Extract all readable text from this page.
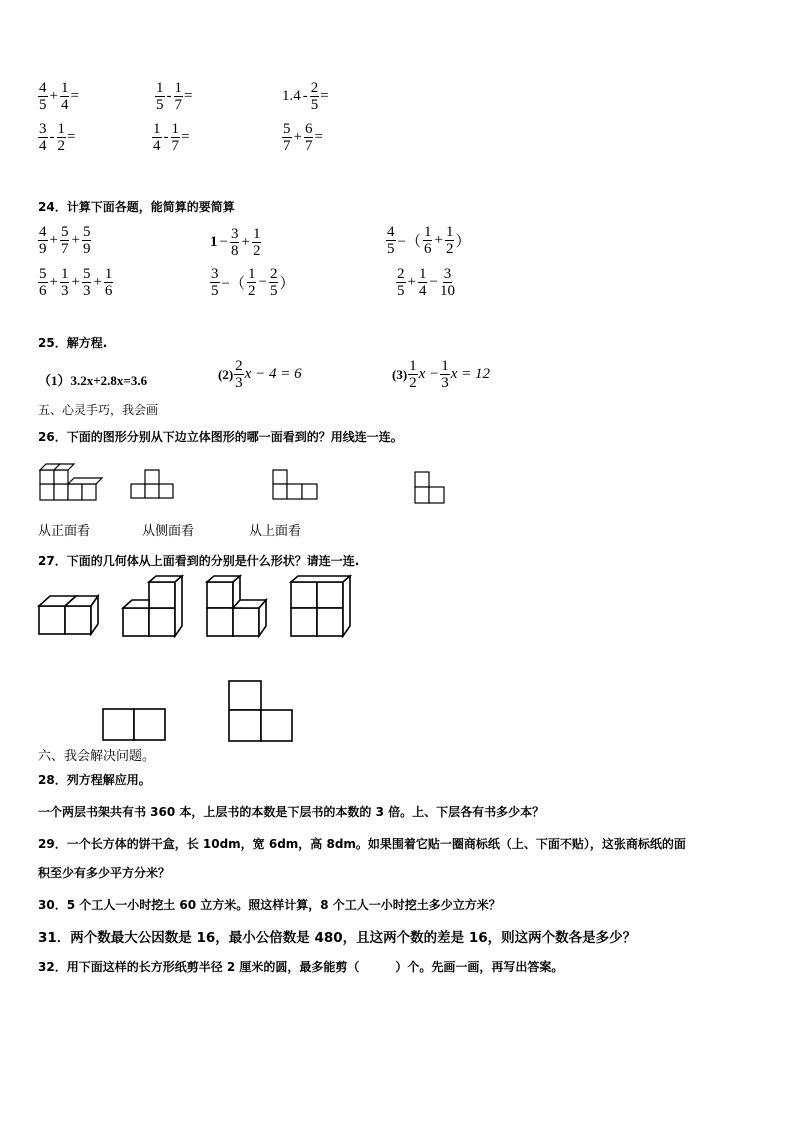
$\frac{4}{5} + \frac{1}{4}$ =	$\frac{1}{5} - \frac{1}{7}$ =	$1.4 - \frac{2}{5}$ =
$\frac{3}{4} - \frac{1}{2}$ =	$\frac{1}{4} - \frac{1}{7}$ =	$\frac{5}{7} + \frac{6}{7}$ =
24．计算下面各题，能简算的要简算
$\frac{4}{9} + \frac{5}{7} + \frac{5}{9}$	$1 - \frac{3}{8} + \frac{1}{2}$	$\frac{4}{5}$ −（ $\frac{1}{6} + \frac{1}{2}$ ）
$\frac{5}{6} + \frac{1}{3} + \frac{5}{3} + \frac{1}{6}$	$\frac{3}{5}$ −（ $\frac{1}{2} - \frac{2}{5}$ ）	$\frac{2}{5} + \frac{1}{4} - \frac{3}{10}$
25．解方程.
（1）3.2x+2.8x=3.6	$(2) \frac{2}{3}$ x − 4 = 6	$(3) \frac{1}{2}$ $x - \frac{1}{3}$ x = 12
五、心灵手巧，我会画
26．下面的图形分别从下边立体图形的哪一面看到的？用线连一连。
从正面看	从侧面看	从上面看
27．下面的几何体从上面看到的分别是什么形状？请连一连.
六、我会解决问题。
28．列方程解应用。
一个两层书架共有书 360 本，上层书的本数是下层书的本数的 3 倍。上、下层各有书多少本？
29．一个长方体的饼干盒，长 10dm，宽 6dm，高 8dm。如果围着它贴一圈商标纸（上、下面不贴），这张商标纸的面
积至少有多少平方分米？
30．5 个工人一小时挖土 60 立方米。照这样计算，8 个工人一小时挖土多少立方米？
31．两个数最大公因数是 16，最小公倍数是 480，且这两个数的差是 16，则这两个数各是多少？
32．用下面这样的长方形纸剪半径 2 厘米的圆，最多能剪（　　　）个。先画一画，再写出答案。
